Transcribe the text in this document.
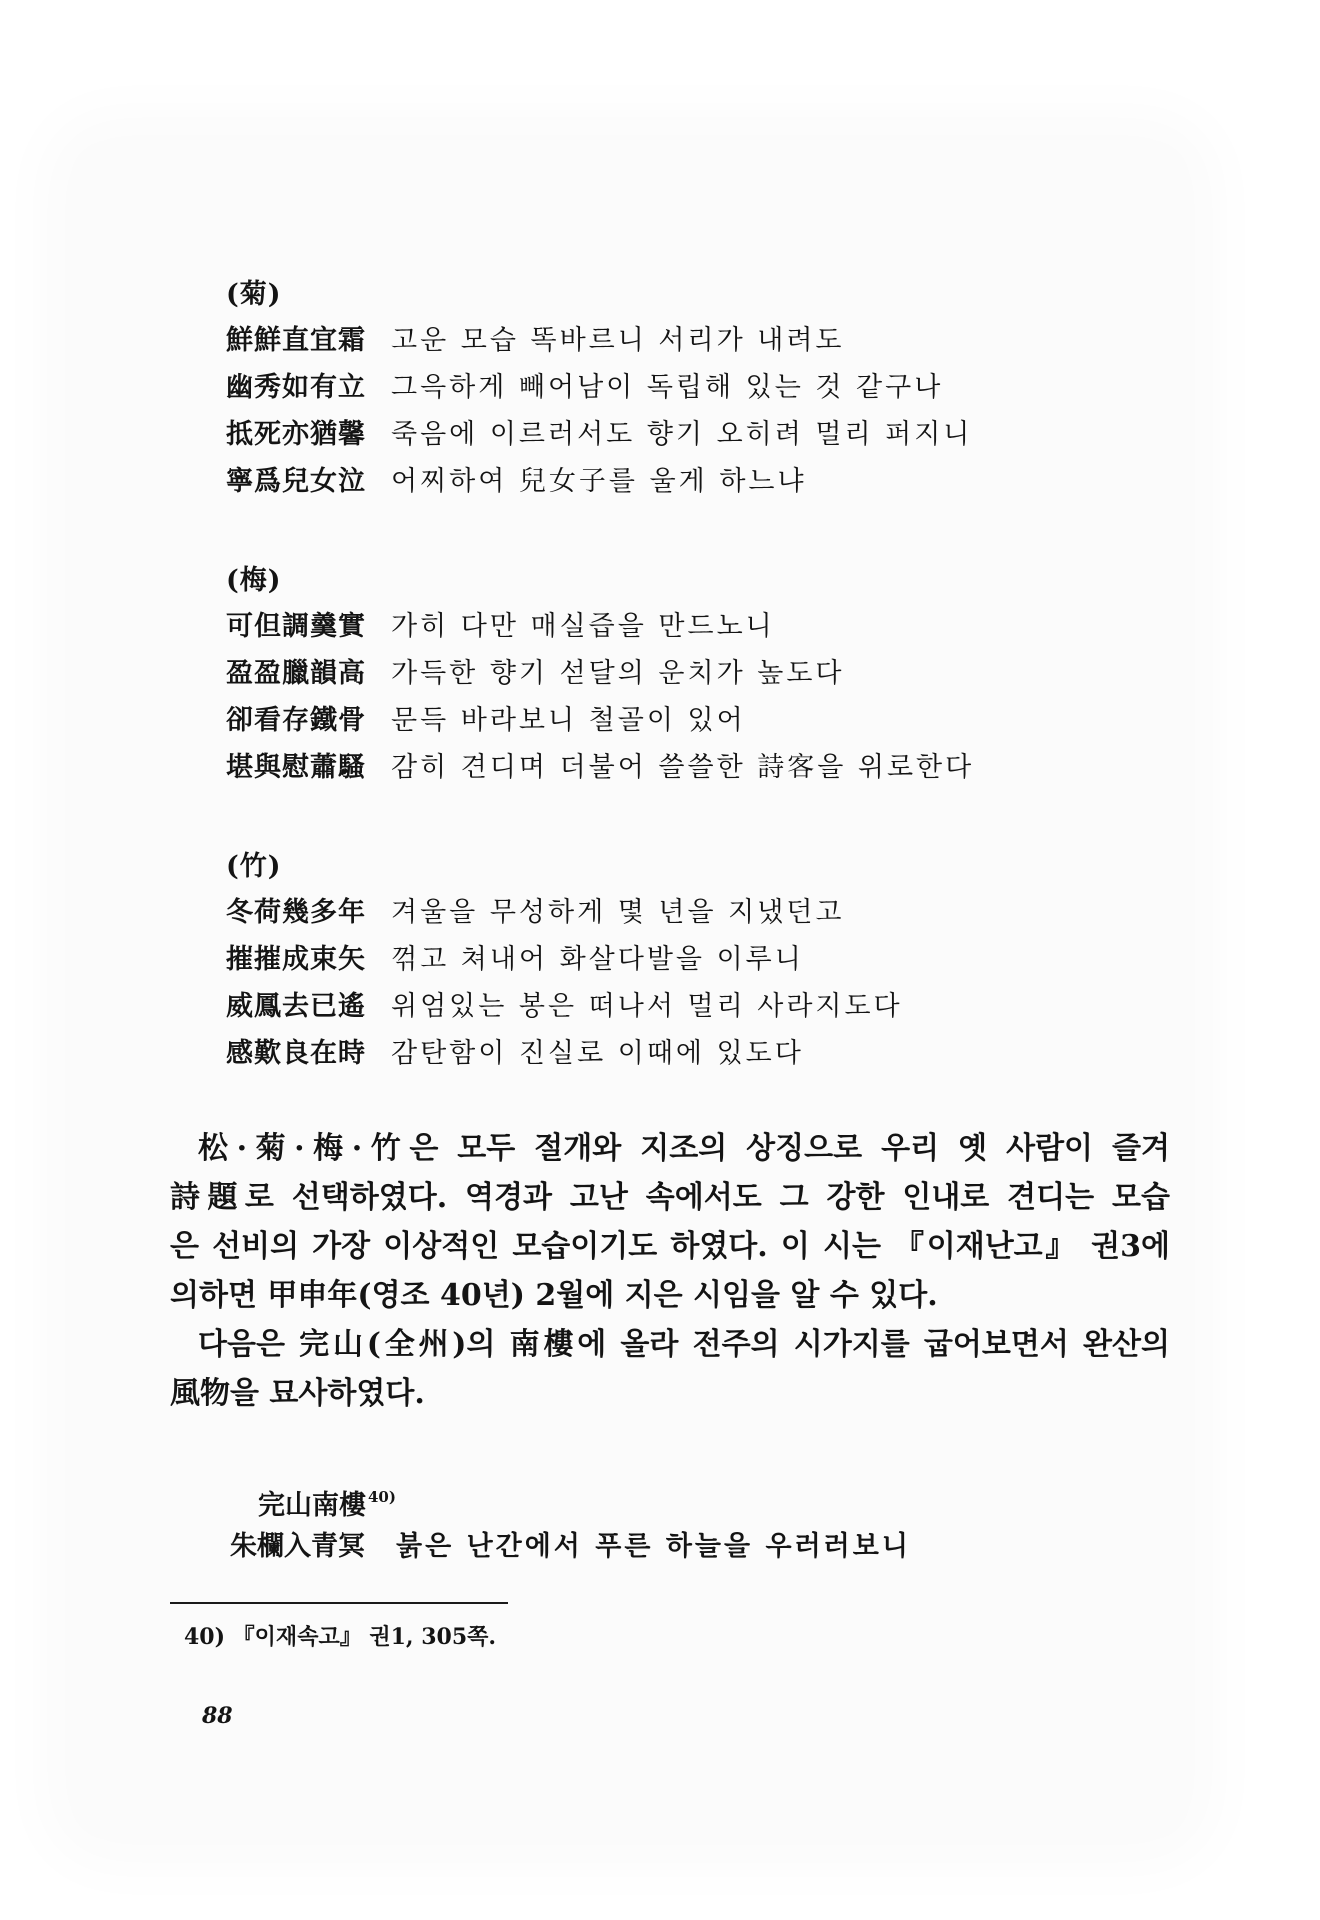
(菊)
鮮鮮直宜霜 고운 모습 똑바르니 서리가 내려도
幽秀如有立 그윽하게 빼어남이 독립해 있는 것 같구나
抵死亦猶馨 죽음에 이르러서도 향기 오히려 멀리 퍼지니
寧爲兒女泣 어찌하여 兒女子를 울게 하느냐
(梅)
可但調羹實 가히 다만 매실즙을 만드노니
盈盈臘韻高 가득한 향기 섣달의 운치가 높도다
卻看存鐵骨 문득 바라보니 철골이 있어
堪與慰蕭騷 감히 견디며 더불어 쓸쓸한 詩客을 위로한다
(竹)
冬荷幾多年 겨울을 무성하게 몇 년을 지냈던고
摧摧成束矢 꺾고 쳐내어 화살다발을 이루니
威鳳去已遙 위엄있는 봉은 떠나서 멀리 사라지도다
感歎良在時 감탄함이 진실로 이때에 있도다
松·菊·梅·竹은 모두 절개와 지조의 상징으로 우리 옛 사람이 즐겨
詩題로 선택하였다. 역경과 고난 속에서도 그 강한 인내로 견디는 모습
은 선비의 가장 이상적인 모습이기도 하였다. 이 시는 『이재난고』 권3에
의하면 甲申年(영조 40년) 2월에 지은 시임을 알 수 있다.
다음은 完山(全州)의 南樓에 올라 전주의 시가지를 굽어보면서 완산의
風物을 묘사하였다.
完山南樓 $^{40)}$
朱欄入青冥 붉은 난간에서 푸른 하늘을 우러러보니
40) 『이재속고』 권1, 305쪽.
88
